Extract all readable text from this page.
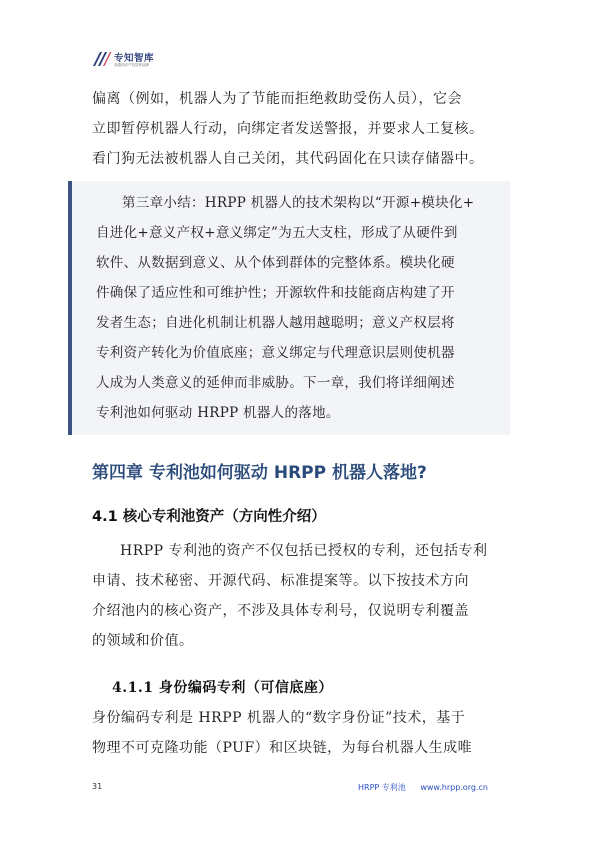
专知智库
高端知识产权智库品牌
偏离（例如，机器人为了节能而拒绝救助受伤人员），它会
立即暂停机器人行动，向绑定者发送警报，并要求人工复核。
看门狗无法被机器人自己关闭，其代码固化在只读存储器中。
第三章小结：HRPP 机器人的技术架构以“开源+模块化+
自进化+意义产权+意义绑定”为五大支柱，形成了从硬件到
软件、从数据到意义、从个体到群体的完整体系。模块化硬
件确保了适应性和可维护性；开源软件和技能商店构建了开
发者生态；自进化机制让机器人越用越聪明；意义产权层将
专利资产转化为价值底座；意义绑定与代理意识层则使机器
人成为人类意义的延伸而非威胁。下一章，我们将详细阐述
专利池如何驱动 HRPP 机器人的落地。
第四章 专利池如何驱动 HRPP 机器人落地?
4.1 核心专利池资产（方向性介绍）
HRPP 专利池的资产不仅包括已授权的专利，还包括专利
申请、技术秘密、开源代码、标准提案等。以下按技术方向
介绍池内的核心资产，不涉及具体专利号，仅说明专利覆盖
的领域和价值。
4.1.1 身份编码专利（可信底座）
身份编码专利是 HRPP 机器人的“数字身份证”技术，基于
物理不可克隆功能（PUF）和区块链，为每台机器人生成唯
31	HRPP 专利池 www.hrpp.org.cn
